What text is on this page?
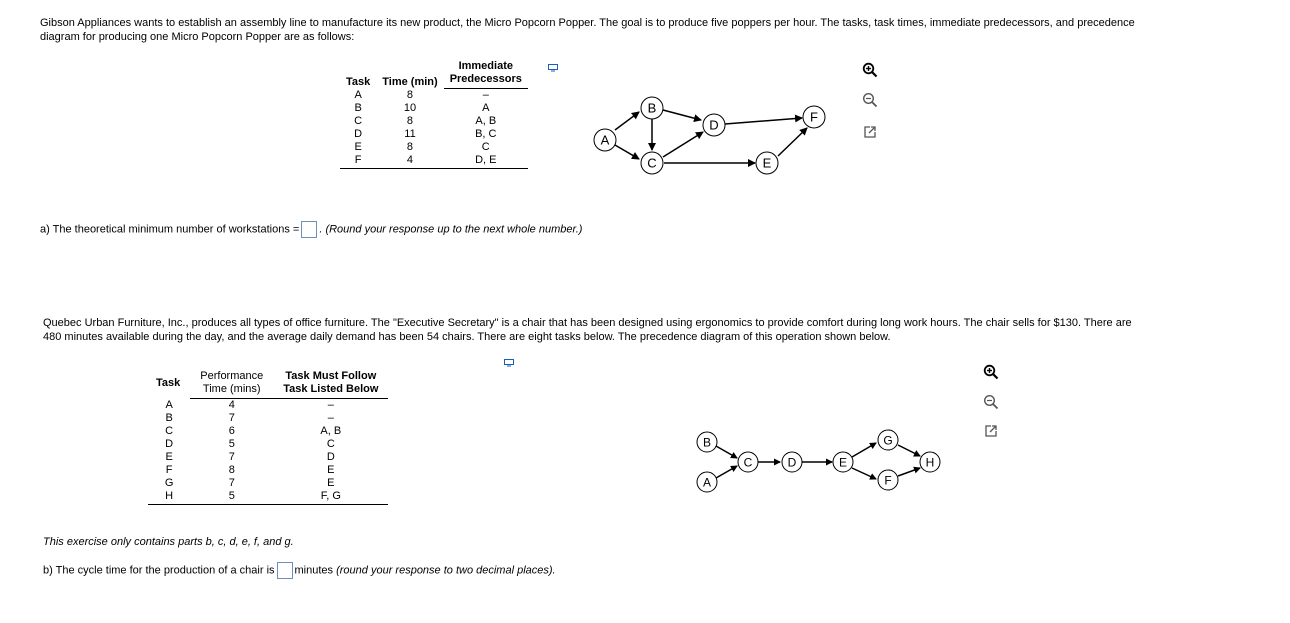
Gibson Appliances wants to establish an assembly line to manufacture its new product, the Micro Popcorn Popper. The goal is to produce five poppers per hour. The tasks, task times, immediate predecessors, and precedence diagram for producing one Micro Popcorn Popper are as follows:
Task	Time (min)	Immediate
		Predecessors
A	8	–
B	10	A
C	8	A, B
D	11	B, C
E	8	C
F	4	D, E
A
B
C
D
E
F
a) The theoretical minimum number of workstations = . (Round your response up to the next whole number.)
Quebec Urban Furniture, Inc., produces all types of office furniture. The "Executive Secretary" is a chair that has been designed using ergonomics to provide comfort during long work hours. The chair sells for $130. There are 480 minutes available during the day, and the average daily demand has been 54 chairs. There are eight tasks below. The precedence diagram of this operation shown below.
Task	Performance	Task Must Follow
	Time (mins)	Task Listed Below
A	4	–
B	7	–
C	6	A, B
D	5	C
E	7	D
F	8	E
G	7	E
H	5	F, G
B
A
C	D	E
G
F
H
This exercise only contains parts b, c, d, e, f, and g.
b) The cycle time for the production of a chair is minutes (round your response to two decimal places).
